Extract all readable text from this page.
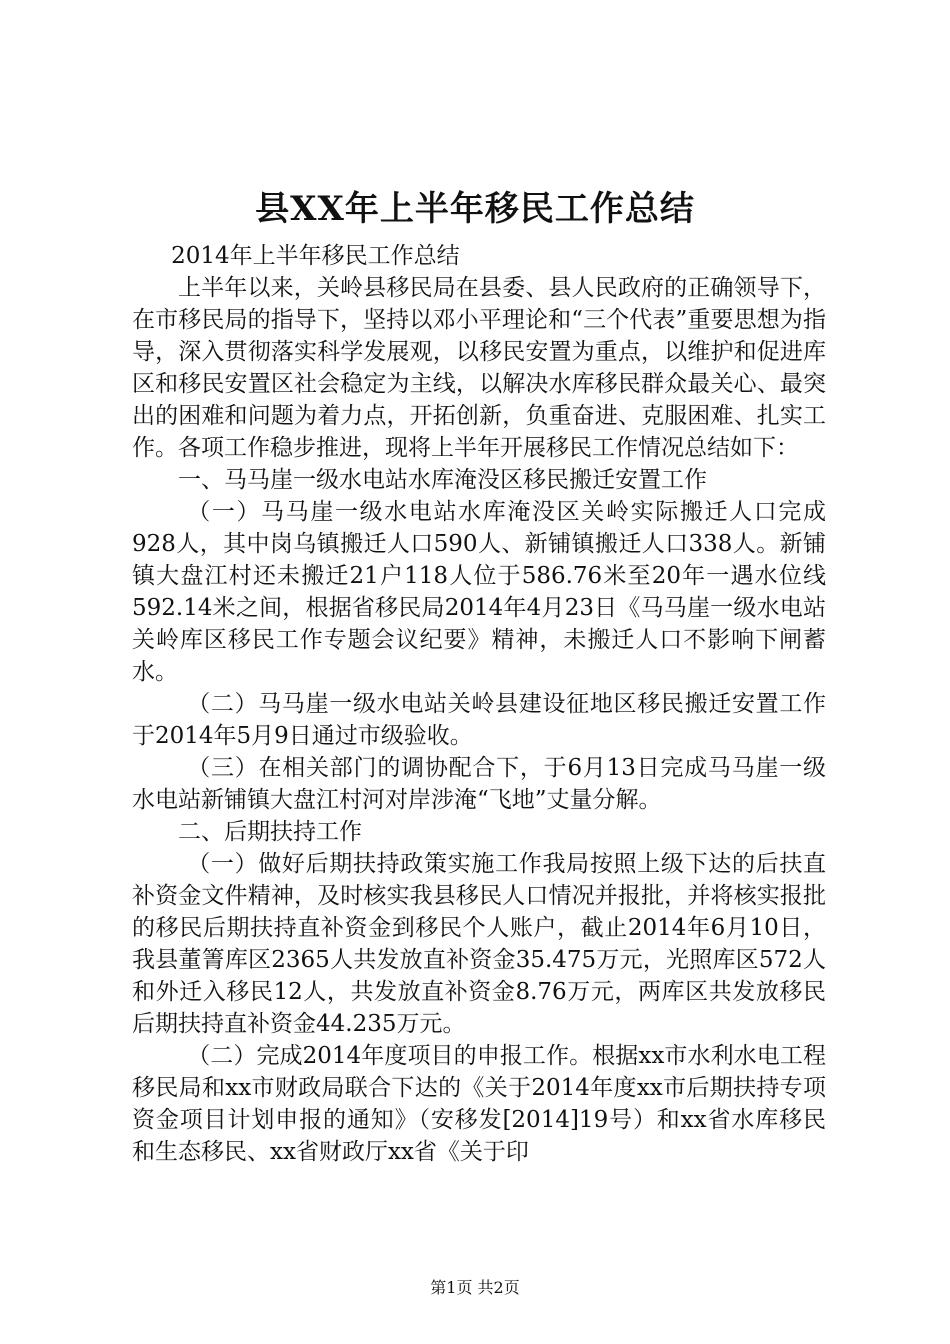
县XX年上半年移民工作总结

2014年上半年移民工作总结

上半年以来，关岭县移民局在县委、县人民政府的正确领导下，在市移民局的指导下，坚持以邓小平理论和“三个代表”重要思想为指导，深入贯彻落实科学发展观，以移民安置为重点，以维护和促进库区和移民安置区社会稳定为主线，以解决水库移民群众最关心、最突出的困难和问题为着力点，开拓创新，负重奋进、克服困难、扎实工作。各项工作稳步推进，现将上半年开展移民工作情况总结如下：

一、马马崖一级水电站水库淹没区移民搬迁安置工作

（一）马马崖一级水电站水库淹没区关岭实际搬迁人口完成928人，其中岗乌镇搬迁人口590人、新铺镇搬迁人口338人。新铺镇大盘江村还未搬迁21户118人位于586.76米至20年一遇水位线592.14米之间，根据省移民局2014年4月23日《马马崖一级水电站关岭库区移民工作专题会议纪要》精神，未搬迁人口不影响下闸蓄水。

（二）马马崖一级水电站关岭县建设征地区移民搬迁安置工作于2014年5月9日通过市级验收。

（三）在相关部门的调协配合下，于6月13日完成马马崖一级水电站新铺镇大盘江村河对岸涉淹“飞地”丈量分解。

二、后期扶持工作

（一）做好后期扶持政策实施工作我局按照上级下达的后扶直补资金文件精神，及时核实我县移民人口情况并报批，并将核实报批的移民后期扶持直补资金到移民个人账户，截止2014年6月10日，我县董箐库区2365人共发放直补资金35.475万元，光照库区572人和外迁入移民12人，共发放直补资金8.76万元，两库区共发放移民后期扶持直补资金44.235万元。

（二）完成2014年度项目的申报工作。根据xx市水利水电工程移民局和xx市财政局联合下达的《关于2014年度xx市后期扶持专项资金项目计划申报的通知》（安移发[2014]19号）和xx省水库移民和生态移民、xx省财政厅xx省《关于印

第1页 共2页
